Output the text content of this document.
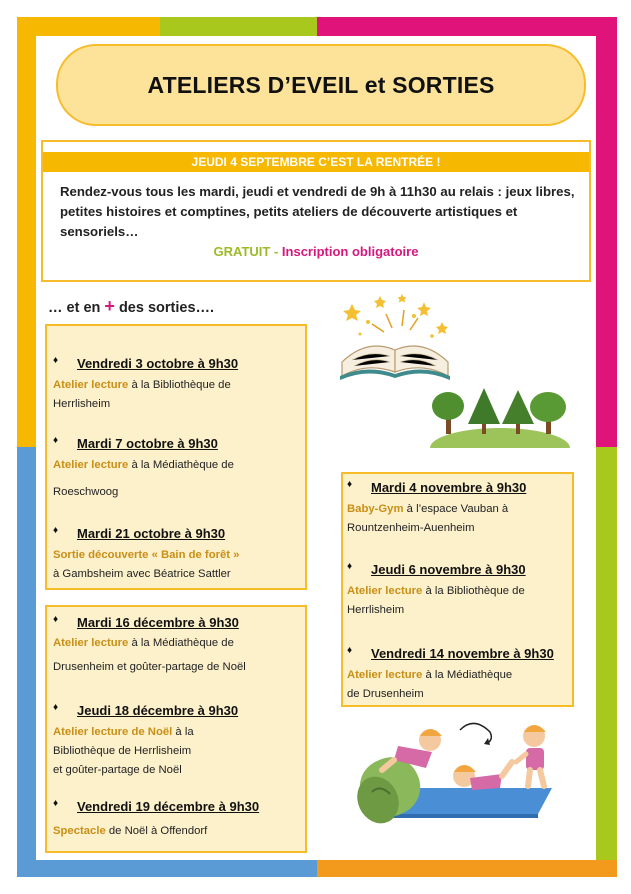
ATELIERS D’EVEIL et SORTIES
JEUDI 4 SEPTEMBRE C’EST LA RENTRÉE !
Rendez-vous tous les mardi, jeudi et vendredi de 9h à 11h30 au relais : jeux libres, petites histoires et comptines, petits ateliers de découverte artistiques et sensoriels…
GRATUIT - Inscription obligatoire
… et en + des sorties….
♦ Vendredi 3 octobre à 9h30
Atelier lecture à la Bibliothèque de
Herrlisheim
♦ Mardi 7 octobre à 9h30
Atelier lecture à la Médiathèque de
Roeschwoog
♦ Mardi 21 octobre à 9h30
Sortie découverte « Bain de forêt »
à Gambsheim avec Béatrice Sattler
♦ Mardi 16 décembre à 9h30
Atelier lecture à la Médiathèque de
Drusenheim et goûter-partage de Noël
♦ Jeudi 18 décembre à 9h30
Atelier lecture de Noël à la
Bibliothèque de Herrlisheim
et goûter-partage de Noël
♦ Vendredi 19 décembre à 9h30
Spectacle de Noël à Offendorf
♦ Mardi 4 novembre à 9h30
Baby-Gym à l’espace Vauban à
Rountzenheim-Auenheim
♦ Jeudi 6 novembre à 9h30
Atelier lecture à la Bibliothèque de
Herrlisheim
♦ Vendredi 14 novembre à 9h30
Atelier lecture à la Médiathèque
de Drusenheim
